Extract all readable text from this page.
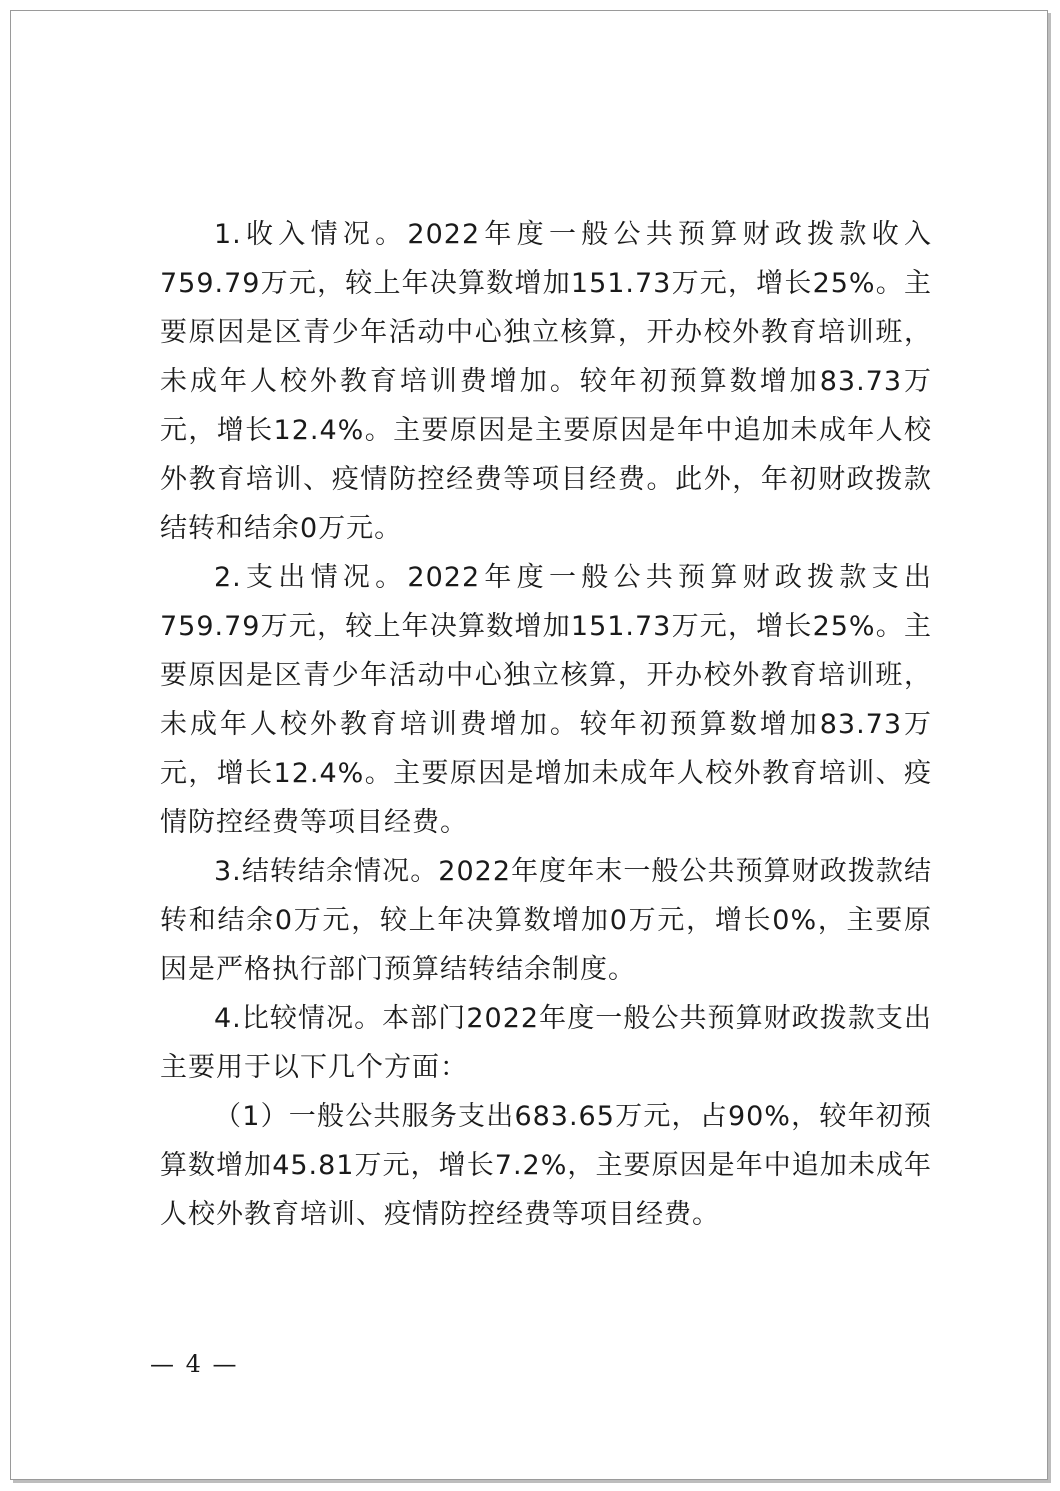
1.收入情况。2022年度一般公共预算财政拨款收入759.79万元，较上年决算数增加151.73万元，增长25%。主要原因是区青少年活动中心独立核算，开办校外教育培训班，未成年人校外教育培训费增加。较年初预算数增加83.73万元，增长12.4%。主要原因是主要原因是年中追加未成年人校外教育培训、疫情防控经费等项目经费。此外，年初财政拨款结转和结余0万元。

2.支出情况。2022年度一般公共预算财政拨款支出759.79万元，较上年决算数增加151.73万元，增长25%。主要原因是区青少年活动中心独立核算，开办校外教育培训班，未成年人校外教育培训费增加。较年初预算数增加83.73万元，增长12.4%。主要原因是增加未成年人校外教育培训、疫情防控经费等项目经费。

3.结转结余情况。2022年度年末一般公共预算财政拨款结转和结余0万元，较上年决算数增加0万元，增长0%，主要原因是严格执行部门预算结转结余制度。

4.比较情况。本部门2022年度一般公共预算财政拨款支出主要用于以下几个方面：

（1）一般公共服务支出683.65万元，占90%，较年初预算数增加45.81万元，增长7.2%，主要原因是年中追加未成年人校外教育培训、疫情防控经费等项目经费。

— 4 —
